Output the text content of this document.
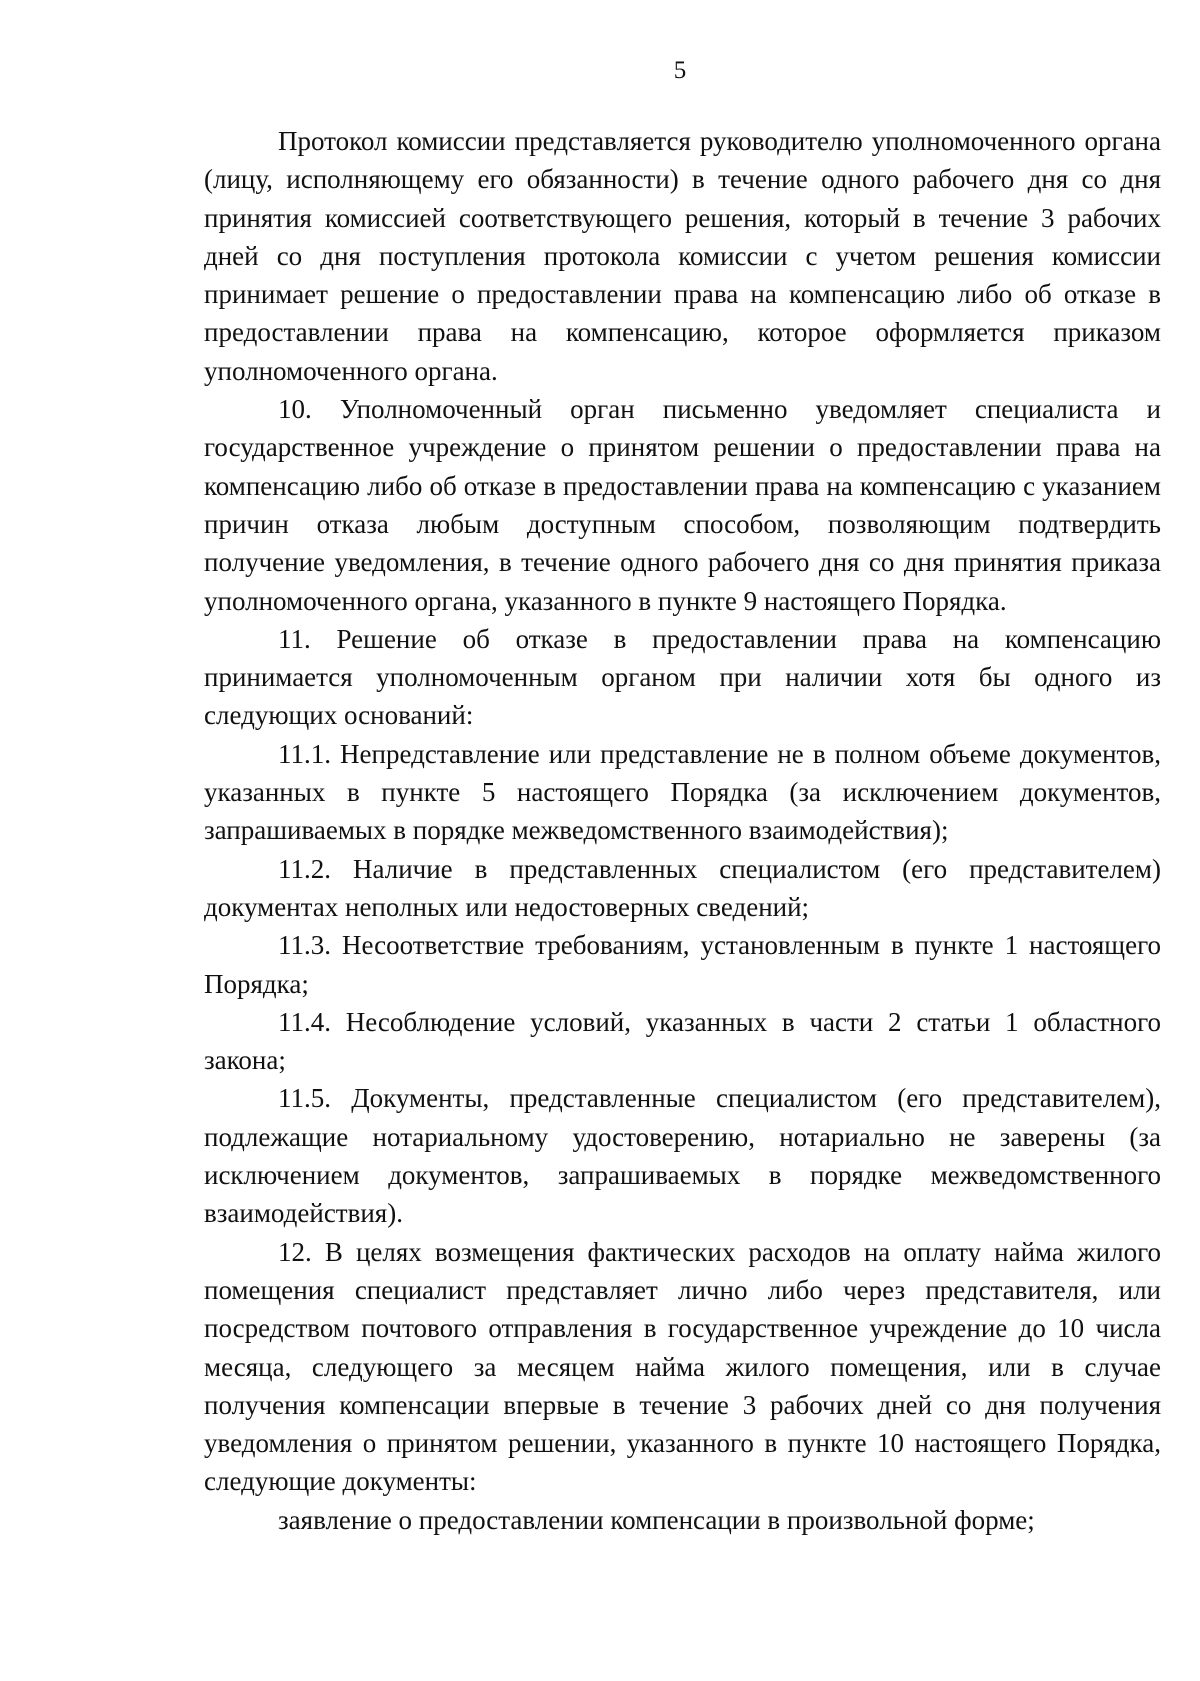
5

Протокол комиссии представляется руководителю уполномоченного органа (лицу, исполняющему его обязанности) в течение одного рабочего дня со дня принятия комиссией соответствующего решения, который в течение 3 рабочих дней со дня поступления протокола комиссии с учетом решения комиссии принимает решение о предоставлении права на компенсацию либо об отказе в предоставлении права на компенсацию, которое оформляется приказом уполномоченного органа.

10. Уполномоченный орган письменно уведомляет специалиста и государственное учреждение о принятом решении о предоставлении права на компенсацию либо об отказе в предоставлении права на компенсацию с указанием причин отказа любым доступным способом, позволяющим подтвердить получение уведомления, в течение одного рабочего дня со дня принятия приказа уполномоченного органа, указанного в пункте 9 настоящего Порядка.

11. Решение об отказе в предоставлении права на компенсацию принимается уполномоченным органом при наличии хотя бы одного из следующих оснований:

11.1. Непредставление или представление не в полном объеме документов, указанных в пункте 5 настоящего Порядка (за исключением документов, запрашиваемых в порядке межведомственного взаимодействия);

11.2. Наличие в представленных специалистом (его представителем) документах неполных или недостоверных сведений;

11.3. Несоответствие требованиям, установленным в пункте 1 настоящего Порядка;

11.4. Несоблюдение условий, указанных в части 2 статьи 1 областного закона;

11.5. Документы, представленные специалистом (его представителем), подлежащие нотариальному удостоверению, нотариально не заверены (за исключением документов, запрашиваемых в порядке межведомственного взаимодействия).

12. В целях возмещения фактических расходов на оплату найма жилого помещения специалист представляет лично либо через представителя, или посредством почтового отправления в государственное учреждение до 10 числа месяца, следующего за месяцем найма жилого помещения, или в случае получения компенсации впервые в течение 3 рабочих дней со дня получения уведомления о принятом решении, указанного в пункте 10 настоящего Порядка, следующие документы:

заявление о предоставлении компенсации в произвольной форме;
